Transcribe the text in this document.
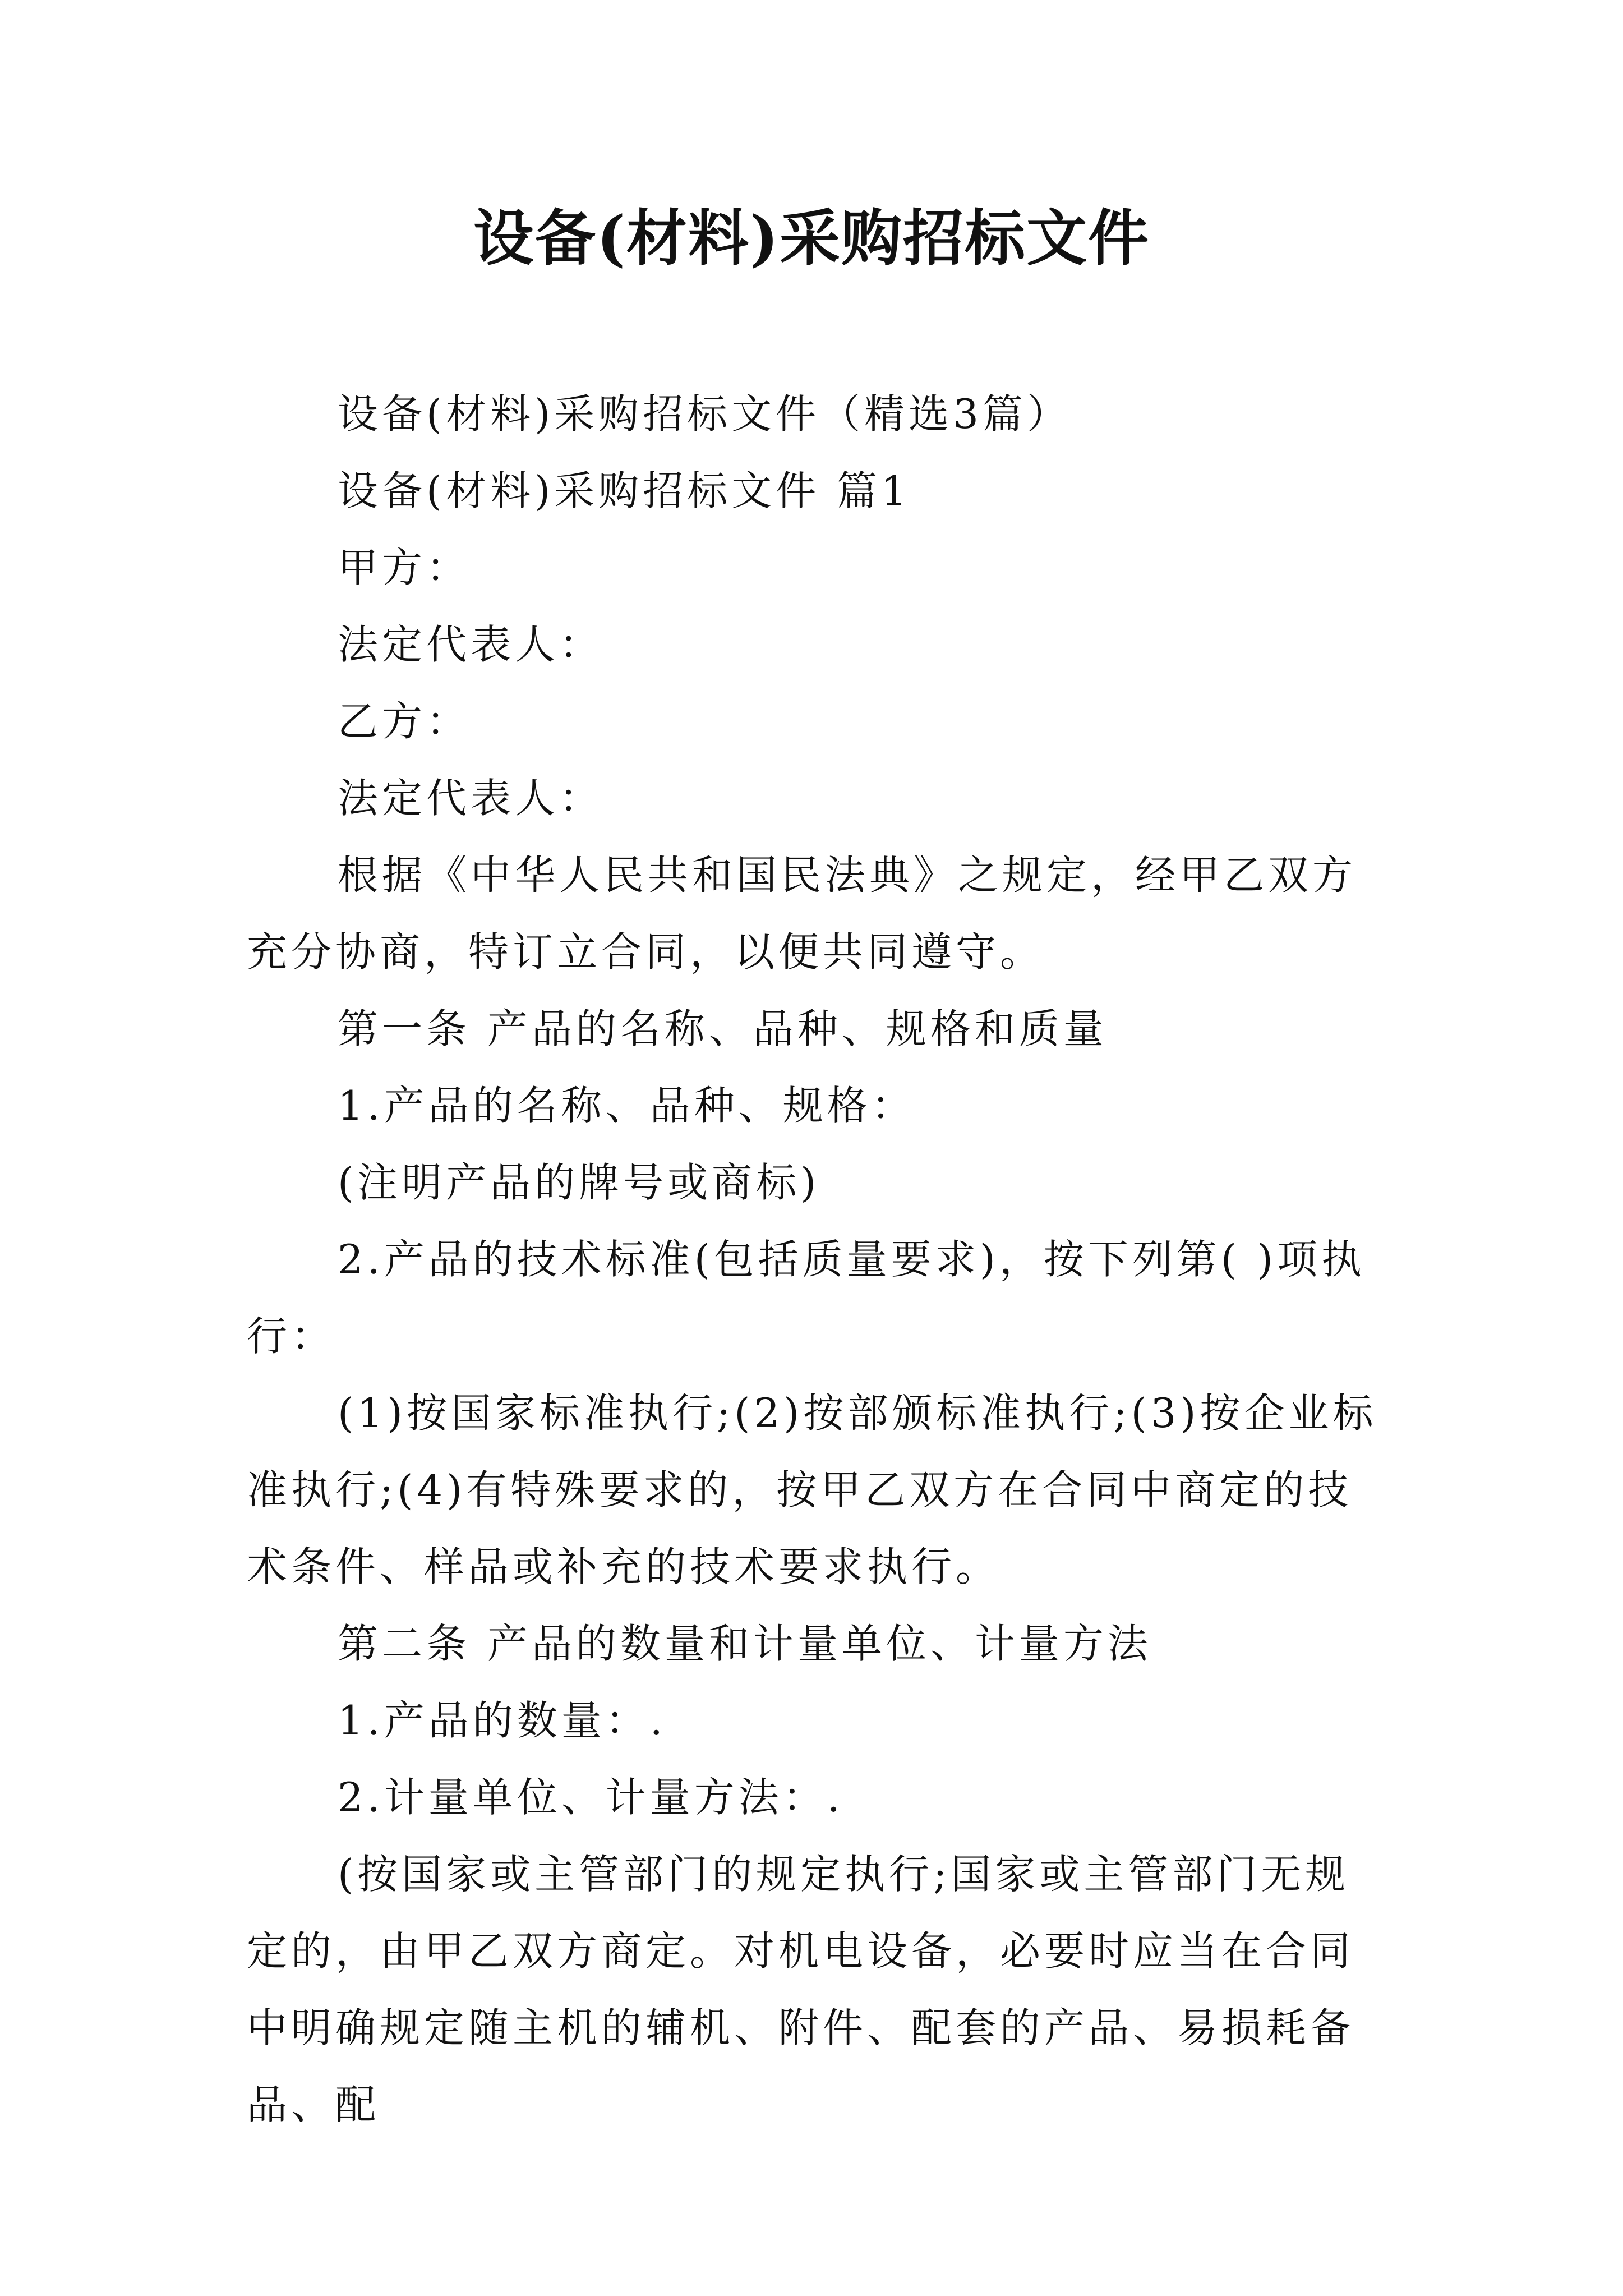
设备(材料)采购招标文件

设备(材料)采购招标文件（精选3篇）

设备(材料)采购招标文件 篇1

甲方：

法定代表人：

乙方：

法定代表人：

根据《中华人民共和国民法典》之规定，经甲乙双方充分协商，特订立合同，以便共同遵守。

第一条 产品的名称、品种、规格和质量

1.产品的名称、品种、规格：

(注明产品的牌号或商标)

2.产品的技术标准(包括质量要求)，按下列第( )项执行：

(1)按国家标准执行;(2)按部颁标准执行;(3)按企业标准执行;(4)有特殊要求的，按甲乙双方在合同中商定的技术条件、样品或补充的技术要求执行。

第二条 产品的数量和计量单位、计量方法

1.产品的数量：.

2.计量单位、计量方法：.

(按国家或主管部门的规定执行;国家或主管部门无规定的，由甲乙双方商定。对机电设备，必要时应当在合同中明确规定随主机的辅机、附件、配套的产品、易损耗备品、配
